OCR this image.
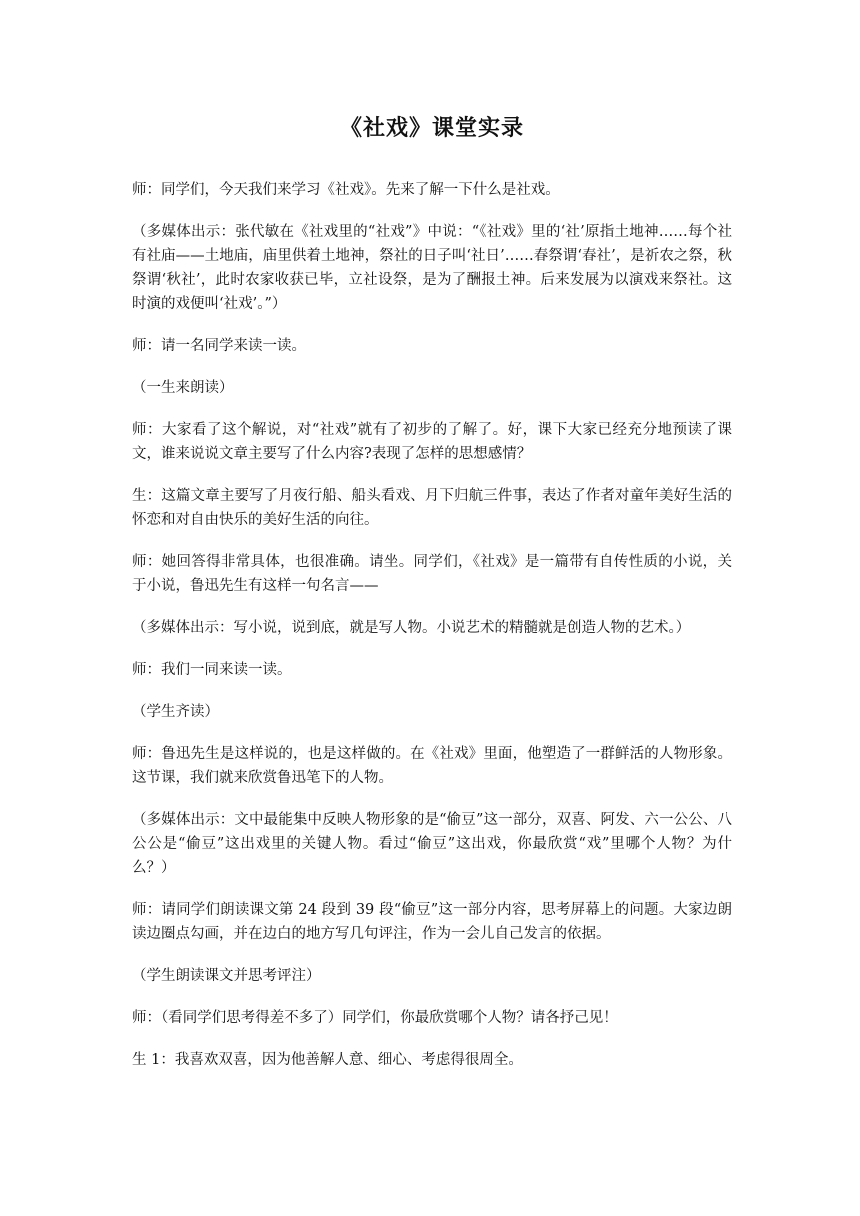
《社戏》课堂实录

师：同学们，今天我们来学习《社戏》。先来了解一下什么是社戏。

（多媒体出示：张代敏在《社戏里的“社戏”》中说：“《社戏》里的‘社’原指土地神……每个社有社庙——土地庙，庙里供着土地神，祭社的日子叫‘社日’……春祭谓‘春社’，是祈农之祭，秋祭谓‘秋社’，此时农家收获已毕，立社设祭，是为了酬报土神。后来发展为以演戏来祭社。这时演的戏便叫‘社戏’。”）

师：请一名同学来读一读。

（一生来朗读）

师：大家看了这个解说，对“社戏”就有了初步的了解了。好，课下大家已经充分地预读了课文，谁来说说文章主要写了什么内容?表现了怎样的思想感情？

生：这篇文章主要写了月夜行船、船头看戏、月下归航三件事，表达了作者对童年美好生活的怀恋和对自由快乐的美好生活的向往。

师：她回答得非常具体，也很准确。请坐。同学们，《社戏》是一篇带有自传性质的小说，关于小说，鲁迅先生有这样一句名言——

（多媒体出示：写小说，说到底，就是写人物。小说艺术的精髓就是创造人物的艺术。）

师：我们一同来读一读。

（学生齐读）

师：鲁迅先生是这样说的，也是这样做的。在《社戏》里面，他塑造了一群鲜活的人物形象。这节课，我们就来欣赏鲁迅笔下的人物。

（多媒体出示：文中最能集中反映人物形象的是“偷豆”这一部分，双喜、阿发、六一公公、八公公是“偷豆”这出戏里的关键人物。看过“偷豆”这出戏，你最欣赏“戏”里哪个人物？为什么？）

师：请同学们朗读课文第 24 段到 39 段“偷豆”这一部分内容，思考屏幕上的问题。大家边朗读边圈点勾画，并在边白的地方写几句评注，作为一会儿自己发言的依据。

（学生朗读课文并思考评注）

师：（看同学们思考得差不多了）同学们，你最欣赏哪个人物？请各抒己见！

生 1：我喜欢双喜，因为他善解人意、细心、考虑得很周全。
